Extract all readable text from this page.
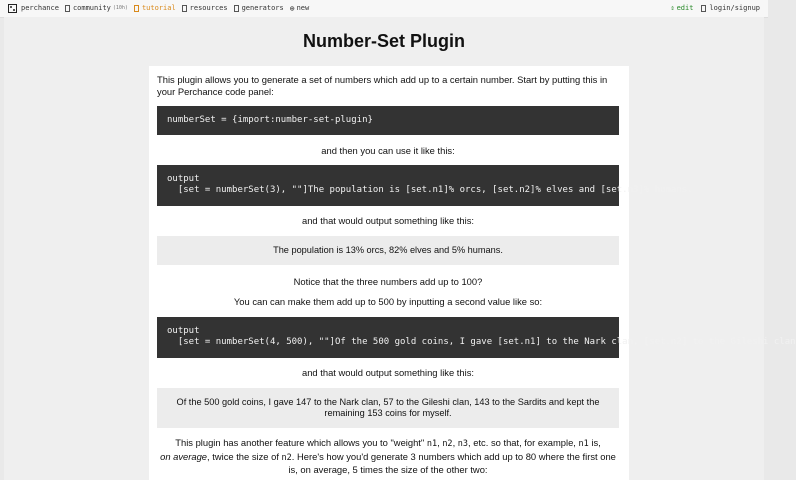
perchance community (10h) tutorial resources generators ⊕ new	⇕ edit login/signup
Number-Set Plugin
This plugin allows you to generate a set of numbers which add up to a certain number. Start by putting this in your Perchance code panel:
numberSet = {import:number-set-plugin}
and then you can use it like this:
output
[set = numberSet(3), ""]The population is [set.n1]% orcs, [set.n2]% elves and [set.n3]% humans.
and that would output something like this:
The population is 13% orcs, 82% elves and 5% humans.
Notice that the three numbers add up to 100?
You can can make them add up to 500 by inputting a second value like so:
output
[set = numberSet(4, 500), ""]Of the 500 gold coins, I gave [set.n1] to the Nark clan, [set.n2] to the Gileshi clan
and that would output something like this:
Of the 500 gold coins, I gave 147 to the Nark clan, 57 to the Gileshi clan, 143 to the Sardits and kept the remaining 153 coins for myself.
This plugin has another feature which allows you to "weight" n1, n2, n3, etc. so that, for example, n1 is,
on average, twice the size of n2. Here's how you'd generate 3 numbers which add up to 80 where the first one is, on average, 5 times the size of the other two:
